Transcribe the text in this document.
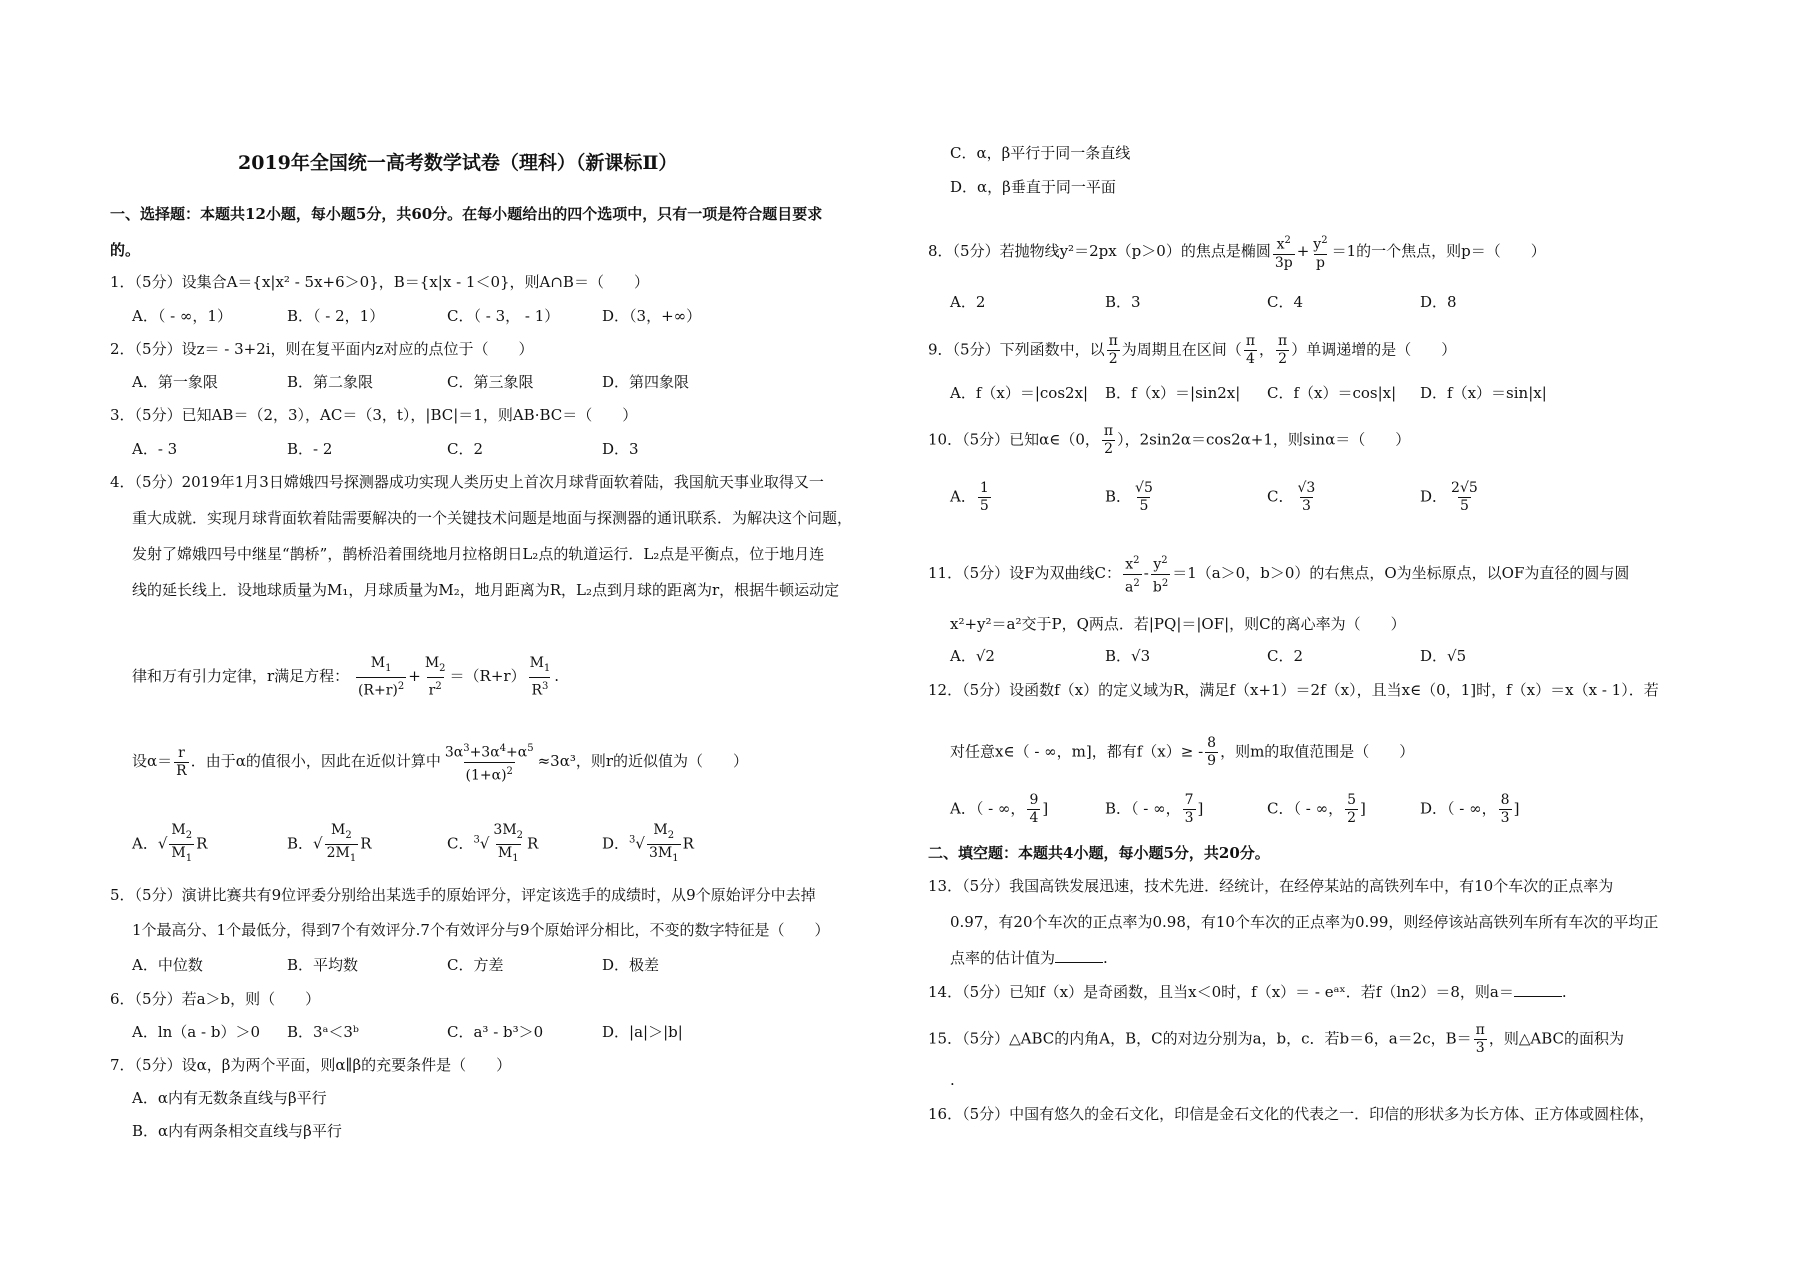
2019年全国统一高考数学试卷（理科）（新课标Ⅱ）
一、选择题：本题共12小题，每小题5分，共60分。在每小题给出的四个选项中，只有一项是符合题目要求
的。
1．（5分）设集合A＝{x|x² - 5x+6＞0}，B＝{x|x - 1＜0}，则A∩B＝（　　）
A．（ - ∞，1）	B．（ - 2，1）	C．（ - 3， - 1）	D．（3，+∞）
2．（5分）设z＝ - 3+2i，则在复平面内z对应的点位于（　　）
A．第一象限	B．第二象限	C．第三象限	D．第四象限
3．（5分）已知AB＝（2，3），AC＝（3，t），|BC|＝1，则AB·BC＝（　　）
A．- 3	B．- 2	C．2	D．3
4．（5分）2019年1月3日嫦娥四号探测器成功实现人类历史上首次月球背面软着陆，我国航天事业取得又一
重大成就．实现月球背面软着陆需要解决的一个关键技术问题是地面与探测器的通讯联系．为解决这个问题，
发射了嫦娥四号中继星“鹊桥”，鹊桥沿着围绕地月拉格朗日L₂点的轨道运行．L₂点是平衡点，位于地月连
线的延长线上．设地球质量为M₁，月球质量为M₂，地月距离为R，L₂点到月球的距离为r，根据牛顿运动定
律和万有引力定律，r满足方程： $\frac{M_1}{(R+r)^2} + \frac{M_2}{r^2} =(R+r) \frac{M_1}{R^3}$ .
设$\alpha= \frac{r}{R}$ ．由于α的值很小，因此在近似计算中 $\frac{3\alpha^3+3\alpha^4+\alpha^5}{(1+\alpha)^2} \approx 3\alpha^3$，则r的近似值为（　　）
A．√ $\frac{M_2}{M_1}$ R	B．√ $\frac{M_2}{2M_1}$ R	C．$^3√ \frac{3M_2}{M_1}$ R	D．$^3√ \frac{M_2}{3M_1}$ R
5．（5分）演讲比赛共有9位评委分别给出某选手的原始评分，评定该选手的成绩时，从9个原始评分中去掉
1个最高分、1个最低分，得到7个有效评分.7个有效评分与9个原始评分相比，不变的数字特征是（　　）
A．中位数	B．平均数	C．方差	D．极差
6．（5分）若a＞b，则（　　）
A．ln（a - b）＞0 B．3ᵃ＜3ᵇ	C．a³ - b³＞0	D．|a|＞|b|
7．（5分）设α，β为两个平面，则α∥β的充要条件是（　　）
A．α内有无数条直线与β平行
B．α内有两条相交直线与β平行
C．α，β平行于同一条直线
D．α，β垂直于同一平面
8．（5分）若抛物线y²＝2px（p＞0）的焦点是椭圆 $\frac{x^2}{3p} + \frac{y^2}{p} =1$的一个焦点，则p＝（　　）
A．2	B．3	C．4	D．8
9．（5分）下列函数中，以 $\frac{\pi}{2}$ 为周期且在区间（ $\frac{\pi}{4}$ ， $\frac{\pi}{2}$ ）单调递增的是（　　）
A．f（x）＝|cos2x| B．f（x）＝|sin2x| C．f（x）＝cos|x| D．f（x）＝sin|x|
10．（5分）已知α∈（0， $\frac{\pi}{2}$ ），2sin2α＝cos2α+1，则sinα＝（　　）
A． $\frac{1}{5}$	B． $\frac{√5}{5}$	C． $\frac{√3}{3}$	D． $\frac{2√5}{5}$
11．（5分）设F为双曲线C： $\frac{x^2}{a^2} - \frac{y^2}{b^2} =1(a>0$，b＞0）的右焦点，O为坐标原点，以OF为直径的圆与圆
x²+y²＝a²交于P，Q两点．若|PQ|＝|OF|，则C的离心率为（　　）
A．√2	B．√3	C．2	D．√5
12．（5分）设函数f（x）的定义域为R，满足f（x+1）＝2f（x），且当x∈（0，1]时，f（x）＝x（x - 1）．若
对任意x∈（ - ∞，m]，都有$f(x)\ge - \frac{8}{9}$ ，则m的取值范围是（　　）
A．（ - ∞， $\frac{9}{4}$ ]	B．（ - ∞， $\frac{7}{3}$ ]	C．（ - ∞， $\frac{5}{2}$ ]	D．（ - ∞， $\frac{8}{3}$ ]
二、填空题：本题共4小题，每小题5分，共20分。
13．（5分）我国高铁发展迅速，技术先进．经统计，在经停某站的高铁列车中，有10个车次的正点率为
0.97，有20个车次的正点率为0.98，有10个车次的正点率为0.99，则经停该站高铁列车所有车次的平均正
点率的估计值为	.
14．（5分）已知f（x）是奇函数，且当x＜0时，f（x）＝ - eᵃˣ．若f（ln2）＝8，则a＝	.
15．（5分）△ABC的内角A，B，C的对边分别为a，b，c．若b＝6，a＝2c，$B= \frac{\pi}{3}$ ，则△ABC的面积为
.
16．（5分）中国有悠久的金石文化，印信是金石文化的代表之一．印信的形状多为长方体、正方体或圆柱体，
